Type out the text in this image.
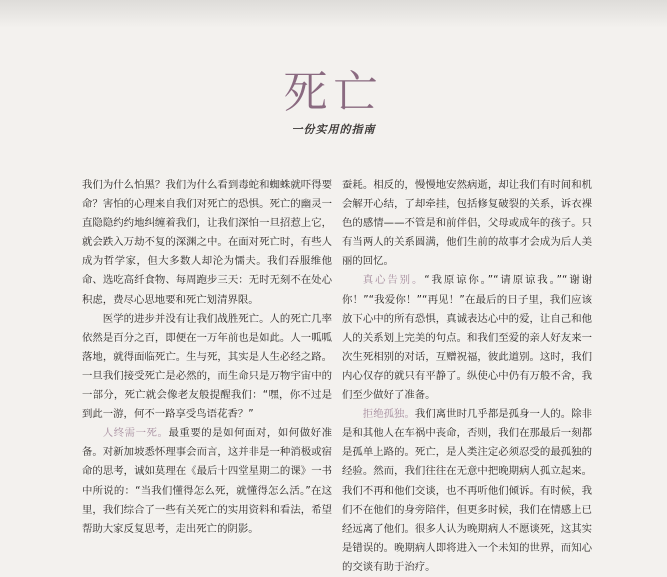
死亡
一份实用的指南

我们为什么怕黑？我们为什么看到毒蛇和蜘蛛就吓得要命？害怕的心理来自我们对死亡的恐惧。死亡的幽灵一直隐隐约约地纠缠着我们，让我们深怕一旦招惹上它，就会跌入万劫不复的深渊之中。在面对死亡时，有些人成为哲学家，但大多数人却沦为懦夫。我们吞服维他命、选吃高纤食物、每周跑步三天：无时无刻不在处心积虑，费尽心思地要和死亡划清界限。

医学的进步并没有让我们战胜死亡。人的死亡几率依然是百分之百，即便在一万年前也是如此。人一呱呱落地，就得面临死亡。生与死，其实是人生必经之路。一旦我们接受死亡是必然的，而生命只是万物宇宙中的一部分，死亡就会像老友般提醒我们：“嘿，你不过是到此一游，何不一路享受鸟语花香？”

人终需一死。最重要的是如何面对，如何做好准备。对新加坡悉怀理事会而言，这并非是一种消极或宿命的思考，诚如莫理在《最后十四堂星期二的课》一书中所说的：“当我们懂得怎么死，就懂得怎么活。”在这里，我们综合了一些有关死亡的实用资料和看法，希望帮助大家反复思考，走出死亡的阴影。

蚕耗。相反的，慢慢地安然病逝，却让我们有时间和机会解开心结，了却牵挂，包括修复破裂的关系，诉衣裸色的感情——不管是和前伴侣，父母或成年的孩子。只有当两人的关系圆满，他们生前的故事才会成为后人美丽的回忆。

真心告别。“我原谅你。”“请原谅我。”“谢谢你！”“我爱你！”“再见！”在最后的日子里，我们应该放下心中的所有恐惧，真诚表达心中的爱，让自己和他人的关系划上完美的句点。和我们至爱的亲人好友来一次生死相别的对话，互赠祝福，彼此道别。这时，我们内心仅存的就只有平静了。纵使心中仍有万般不舍，我们至少做好了准备。

拒绝孤独。我们离世时几乎都是孤身一人的。除非是和其他人在车祸中丧命，否则，我们在那最后一刻都是孤单上路的。死亡，是人类注定必须忍受的最孤独的经验。然而，我们往往在无意中把晚期病人孤立起来。我们不再和他们交谈，也不再听他们倾诉。有时候，我们不在他们的身旁陪伴，但更多时候，我们在情感上已经远离了他们。很多人认为晚期病人不愿谈死，这其实是错误的。晚期病人即将进入一个未知的世界，而知心的交谈有助于治疗。
